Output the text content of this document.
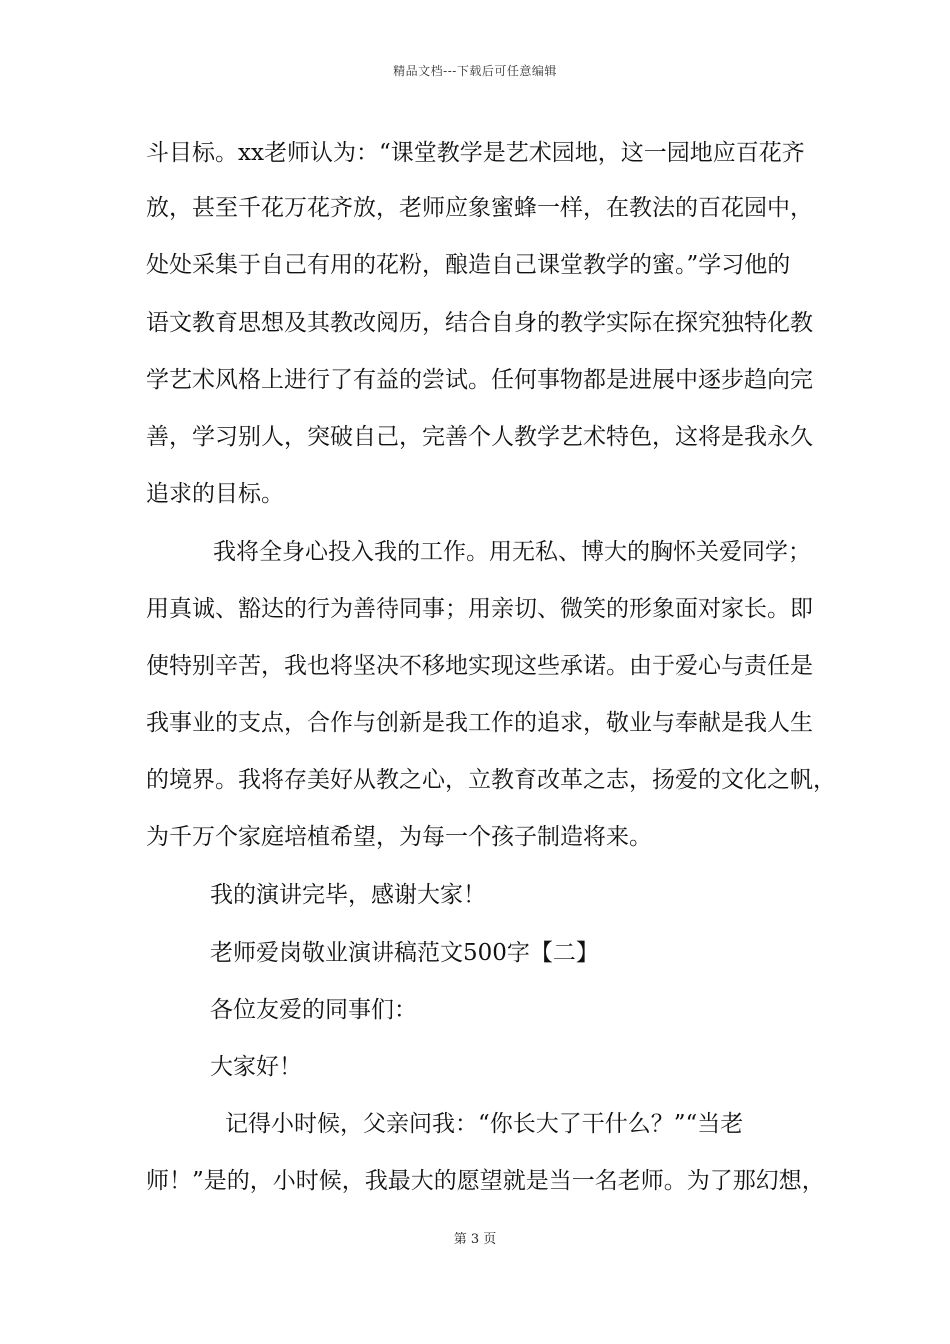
精品文档---下载后可任意编辑
斗目标。xx老师认为：“课堂教学是艺术园地，这一园地应百花齐
放，甚至千花万花齐放，老师应象蜜蜂一样，在教法的百花园中，
处处采集于自己有用的花粉，酿造自己课堂教学的蜜。”学习他的
语文教育思想及其教改阅历，结合自身的教学实际在探究独特化教
学艺术风格上进行了有益的尝试。任何事物都是进展中逐步趋向完
善，学习别人，突破自己，完善个人教学艺术特色，这将是我永久
追求的目标。
我将全身心投入我的工作。用无私、博大的胸怀关爱同学；
用真诚、豁达的行为善待同事；用亲切、微笑的形象面对家长。即
使特别辛苦，我也将坚决不移地实现这些承诺。由于爱心与责任是
我事业的支点，合作与创新是我工作的追求，敬业与奉献是我人生
的境界。我将存美好从教之心，立教育改革之志，扬爱的文化之帆，
为千万个家庭培植希望，为每一个孩子制造将来。
我的演讲完毕，感谢大家！
老师爱岗敬业演讲稿范文500字【二】
各位友爱的同事们：
大家好！
记得小时候，父亲问我：“你长大了干什么？”“当老
师！”是的，小时候，我最大的愿望就是当一名老师。为了那幻想，
第 3 页
